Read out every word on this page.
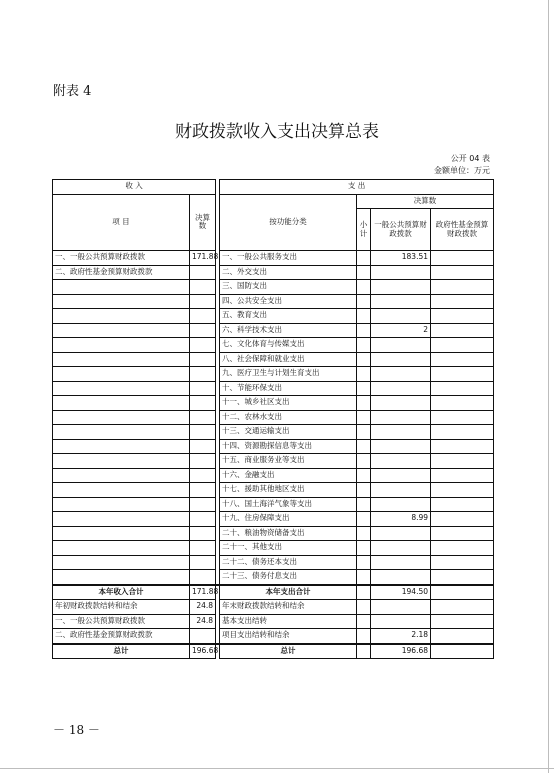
附表 4
财政拨款收入支出决算总表
公开 04 表
金额单位：万元
收 入			支 出			
项 目	决算数		按功能分类	决算数		
				小计	一般公共预算财政拨款	政府性基金预算财政拨款
一、一般公共预算财政拨款	171.88		一、一般公共服务支出		183.51	
二、政府性基金预算财政拨款			二、外交支出			
			三、国防支出			
			四、公共安全支出			
			五、教育支出			
			六、科学技术支出		2	
			七、文化体育与传媒支出			
			八、社会保障和就业支出			
			九、医疗卫生与计划生育支出			
			十、节能环保支出			
			十一、城乡社区支出			
			十二、农林水支出			
			十三、交通运输支出			
			十四、资源勘探信息等支出			
			十五、商业服务业等支出			
			十六、金融支出			
			十七、援助其他地区支出			
			十八、国土海洋气象等支出			
			十九、住房保障支出		8.99	
			二十、粮油物资储备支出			
			二十一、其他支出			
			二十二、债务还本支出			
			二十三、债务付息支出			
本年收入合计	171.88		本年支出合计		194.50	
年初财政拨款结转和结余	24.8		年末财政拨款结转和结余			
一、一般公共预算财政拨款	24.8		基本支出结转			
二、政府性基金预算财政拨款			项目支出结转和结余		2.18	
总计	196.68		总计		196.68	
－ 18 －
